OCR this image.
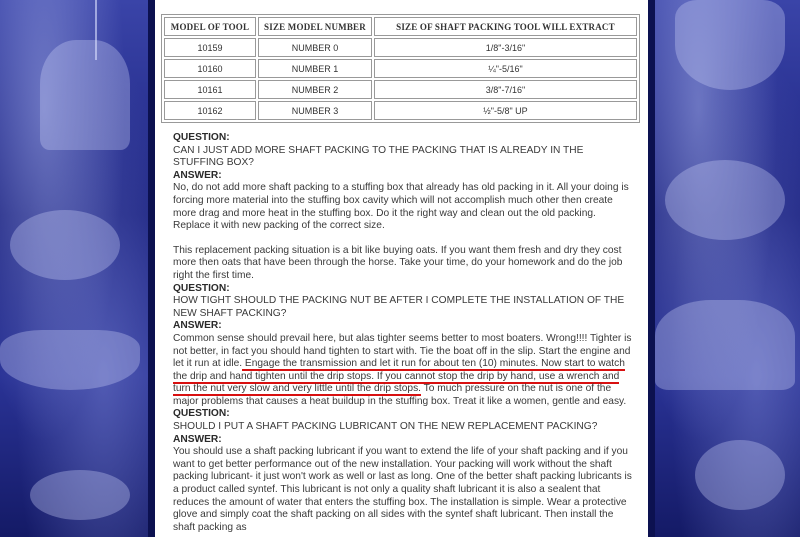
MODEL OF TOOL	SIZE MODEL NUMBER	SIZE OF SHAFT PACKING TOOL WILL EXTRACT
10159	NUMBER 0	1/8"-3/16"
10160	NUMBER 1	¼"-5/16"
10161	NUMBER 2	3/8"-7/16"
10162	NUMBER 3	½"-5/8" UP

QUESTION:

CAN I JUST ADD MORE SHAFT PACKING TO THE PACKING THAT IS ALREADY IN THE STUFFING BOX?

ANSWER:

No, do not add more shaft packing to a stuffing box that already has old packing in it. All your doing is forcing more material into the stuffing box cavity which will not accomplish much other then create more drag and more heat in the stuffing box. Do it the right way and clean out the old packing. Replace it with new packing of the correct size.

This replacement packing situation is a bit like buying oats. If you want them fresh and dry they cost more then oats that have been through the horse. Take your time, do your homework and do the job right the first time.

QUESTION:

HOW TIGHT SHOULD THE PACKING NUT BE AFTER I COMPLETE THE INSTALLATION OF THE NEW SHAFT PACKING?

ANSWER:

Common sense should prevail here, but alas tighter seems better to most boaters. Wrong!!!! Tighter is not better, in fact you should hand tighten to start with. Tie the boat off in the slip. Start the engine and let it run at idle. Engage the transmission and let it run for about ten (10) minutes. Now start to watch the drip and hand tighten until the drip stops. If you cannot stop the drip by hand, use a wrench and turn the nut very slow and very little until the drip stops. To much pressure on the nut is one of the major problems that causes a heat buildup in the stuffing box. Treat it like a women, gentle and easy.

QUESTION:

SHOULD I PUT A SHAFT PACKING LUBRICANT ON THE NEW REPLACEMENT PACKING?

ANSWER:

You should use a shaft packing lubricant if you want to extend the life of your shaft packing and if you want to get better performance out of the new installation. Your packing will work without the shaft packing lubricant- it just won't work as well or last as long. One of the better shaft packing lubricants is a product called syntef. This lubricant is not only a quality shaft lubricant it is also a sealent that reduces the amount of water that enters the stuffing box. The installation is simple. Wear a protective glove and simply coat the shaft packing on all sides with the syntef shaft lubricant. Then install the shaft packing as
